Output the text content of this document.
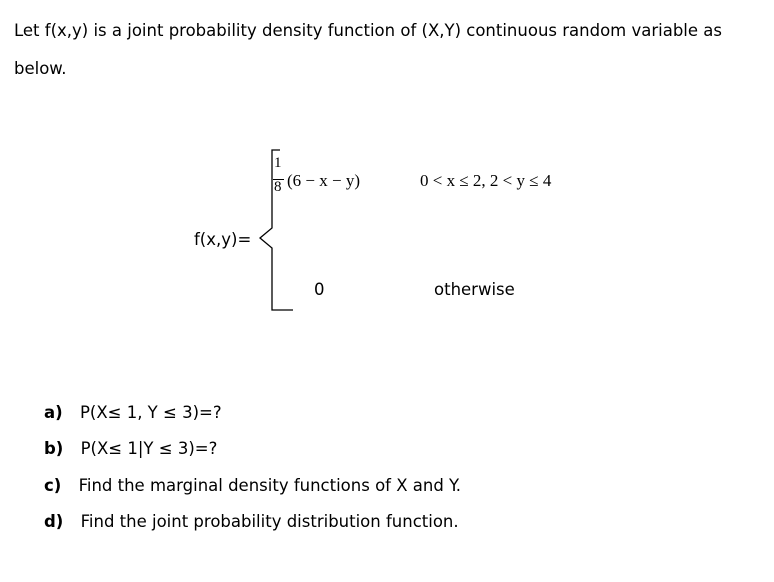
Let f(x,y) is a joint probability density function of (X,Y) continuous random variable as
below.
f(x,y)=
1
8 (6 − x − y)	0 < x ≤ 2, 2 < y ≤ 4
0	otherwise
a) P(X≤ 1, Y ≤ 3)=?
b) P(X≤ 1|Y ≤ 3)=?
c) Find the marginal density functions of X and Y.
d) Find the joint probability distribution function.
